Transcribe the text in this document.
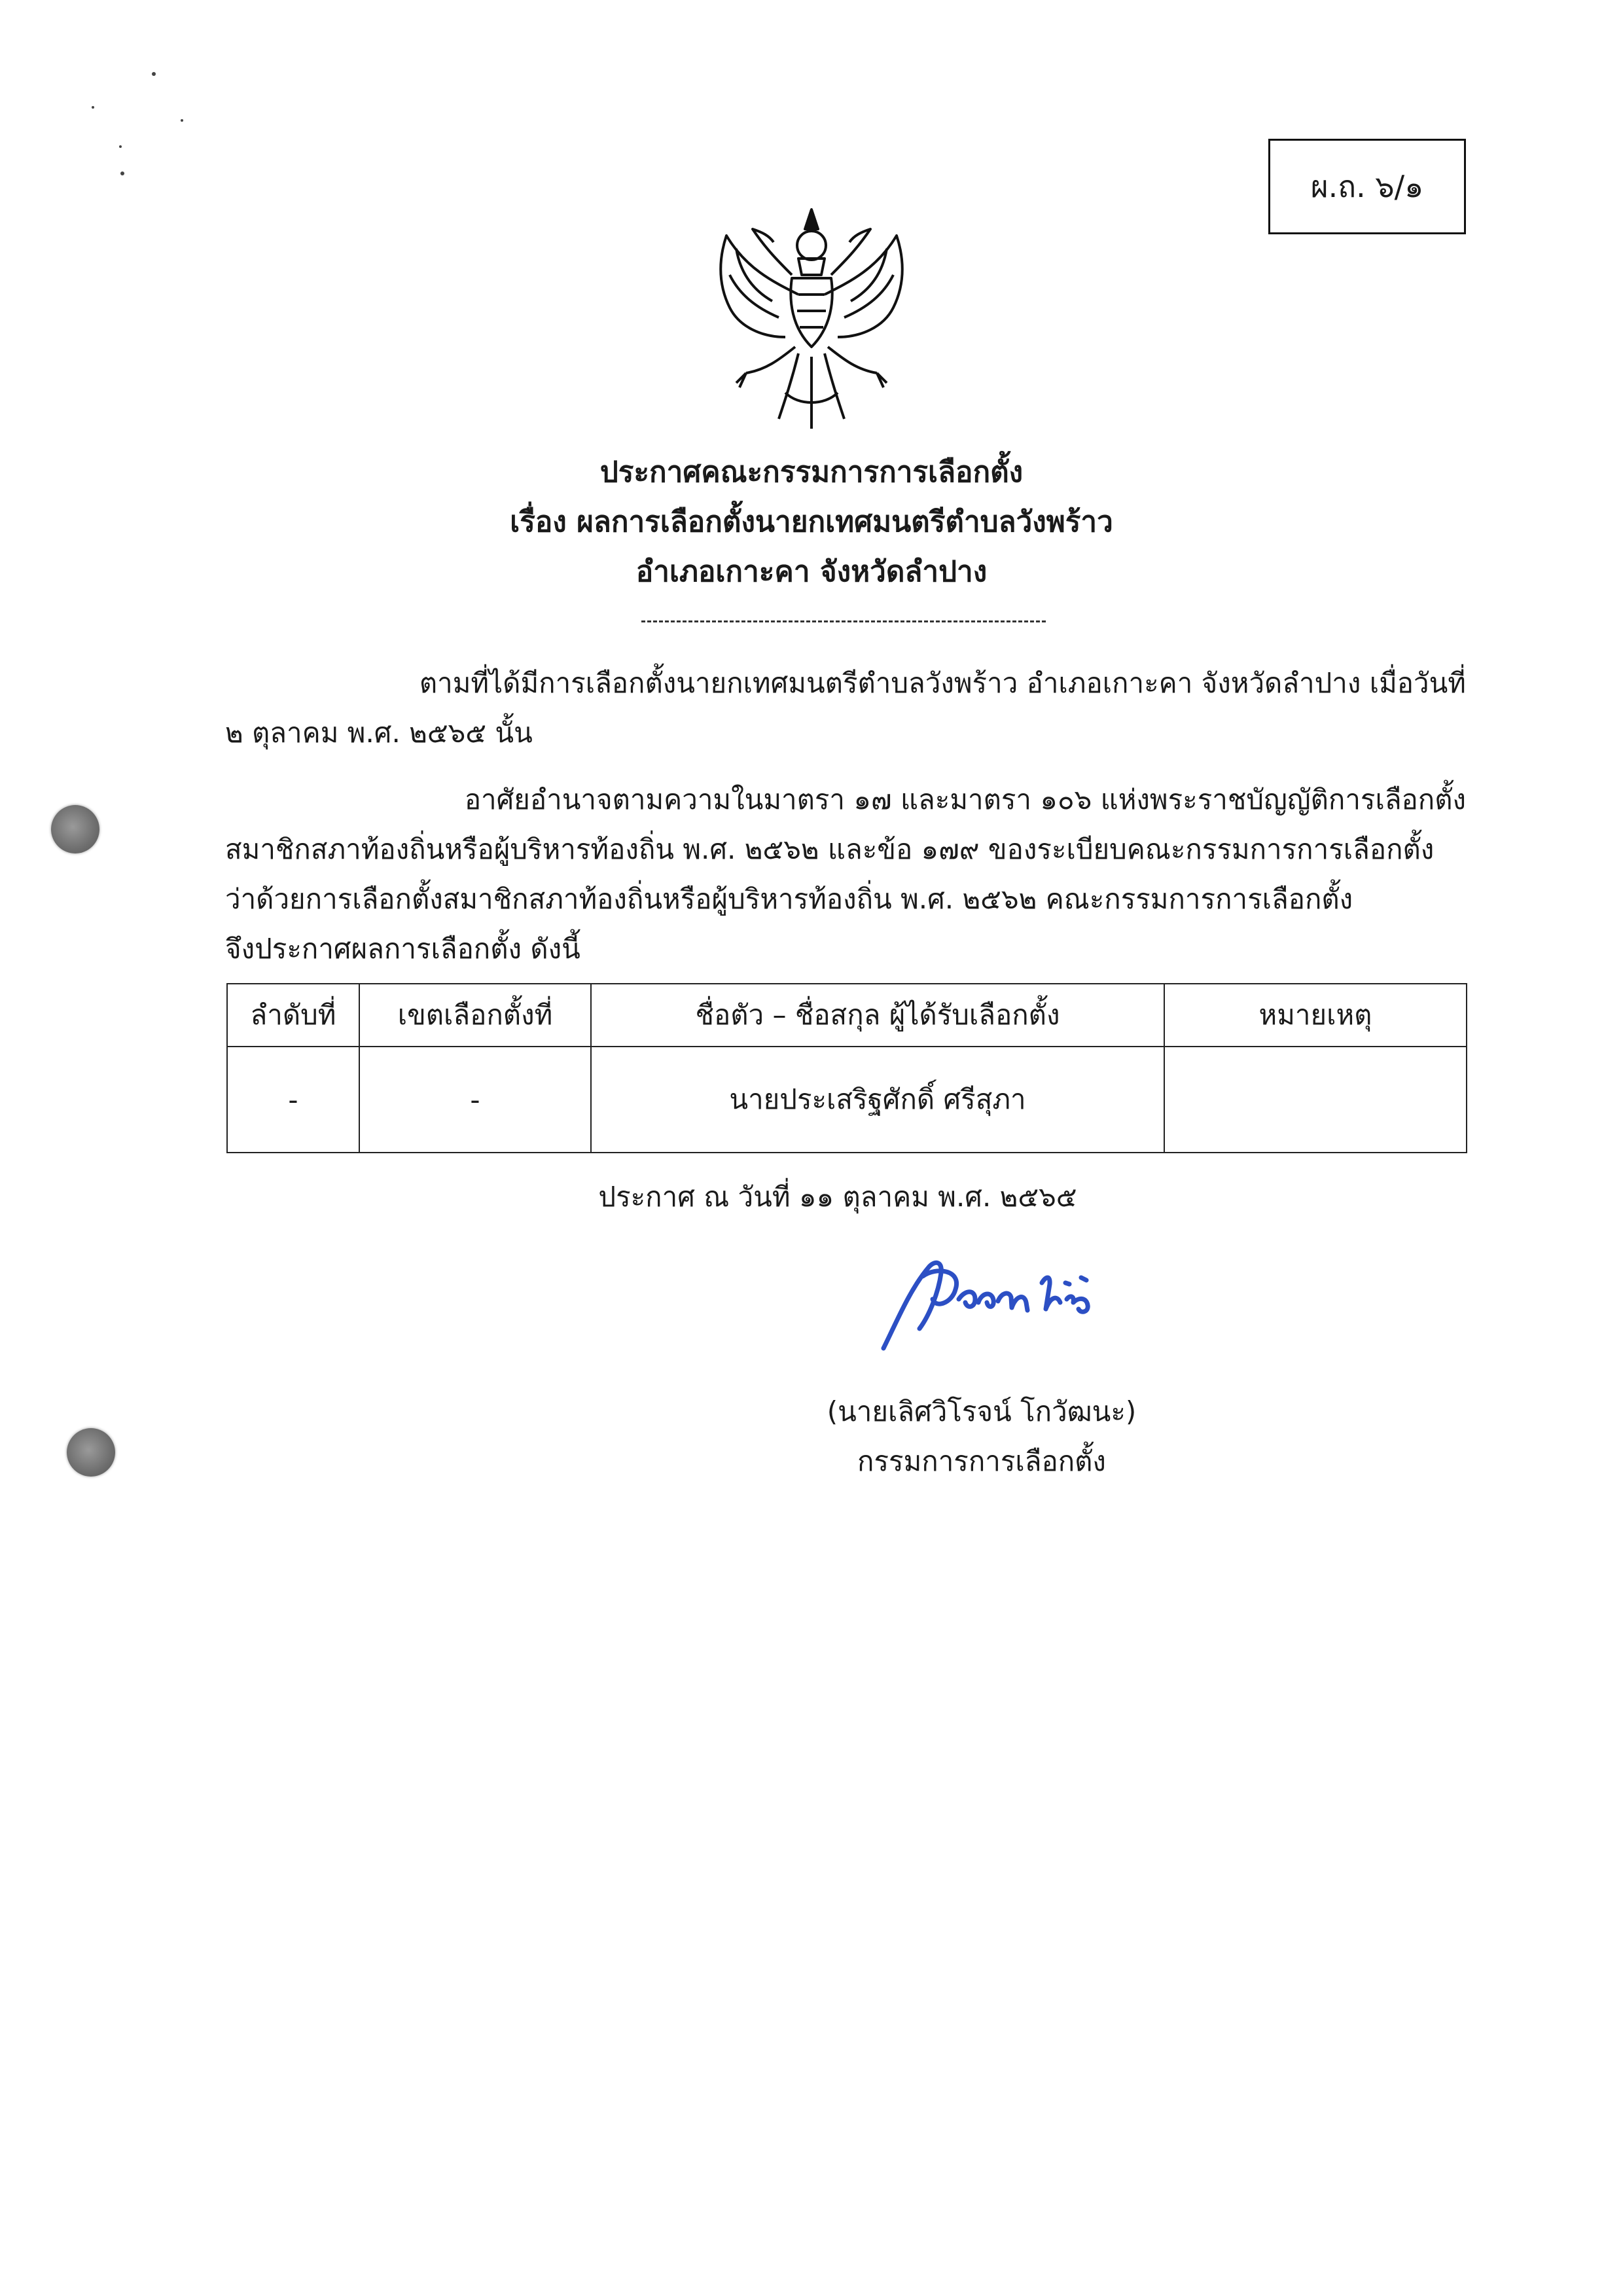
ผ.ถ. ๖/๑
ประกาศคณะกรรมการการเลือกตั้ง
เรื่อง ผลการเลือกตั้งนายกเทศมนตรีตำบลวังพร้าว
อำเภอเกาะคา จังหวัดลำปาง
ตามที่ได้มีการเลือกตั้งนายกเทศมนตรีตำบลวังพร้าว อำเภอเกาะคา จังหวัดลำปาง เมื่อวันที่
๒ ตุลาคม พ.ศ. ๒๕๖๕ นั้น
อาศัยอำนาจตามความในมาตรา ๑๗ และมาตรา ๑๐๖ แห่งพระราชบัญญัติการเลือกตั้ง
สมาชิกสภาท้องถิ่นหรือผู้บริหารท้องถิ่น พ.ศ. ๒๕๖๒ และข้อ ๑๗๙ ของระเบียบคณะกรรมการการเลือกตั้ง
ว่าด้วยการเลือกตั้งสมาชิกสภาท้องถิ่นหรือผู้บริหารท้องถิ่น พ.ศ. ๒๕๖๒ คณะกรรมการการเลือกตั้ง
จึงประกาศผลการเลือกตั้ง ดังนี้
ลำดับที่	เขตเลือกตั้งที่	ชื่อตัว – ชื่อสกุล ผู้ได้รับเลือกตั้ง	หมายเหตุ
-	-	นายประเสริฐศักดิ์ ศรีสุภา	
ประกาศ ณ วันที่ ๑๑ ตุลาคม พ.ศ. ๒๕๖๕
(นายเลิศวิโรจน์ โกวัฒนะ)
กรรมการการเลือกตั้ง
